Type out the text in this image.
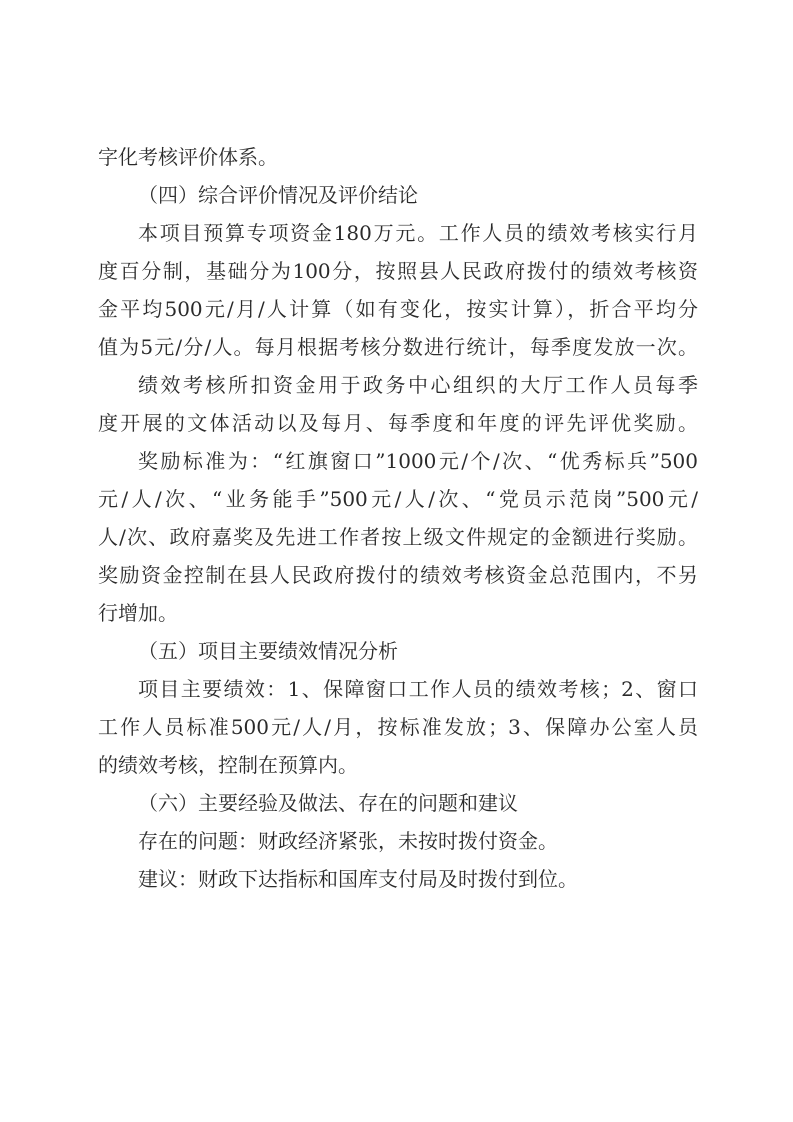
字化考核评价体系。
（四）综合评价情况及评价结论
本项目预算专项资金180万元。工作人员的绩效考核实行月
度百分制，基础分为100分，按照县人民政府拨付的绩效考核资
金平均500元/月/人计算（如有变化，按实计算），折合平均分
值为5元/分/人。每月根据考核分数进行统计，每季度发放一次。
绩效考核所扣资金用于政务中心组织的大厅工作人员每季
度开展的文体活动以及每月、每季度和年度的评先评优奖励。
奖励标准为：“红旗窗口”1000元/个/次、“优秀标兵”500
元/人/次、“业务能手”500元/人/次、“党员示范岗”500元/
人/次、政府嘉奖及先进工作者按上级文件规定的金额进行奖励。
奖励资金控制在县人民政府拨付的绩效考核资金总范围内，不另
行增加。
（五）项目主要绩效情况分析
项目主要绩效：1、保障窗口工作人员的绩效考核；2、窗口
工作人员标准500元/人/月，按标准发放；3、保障办公室人员
的绩效考核，控制在预算内。
（六）主要经验及做法、存在的问题和建议
存在的问题：财政经济紧张，未按时拨付资金。
建议：财政下达指标和国库支付局及时拨付到位。
